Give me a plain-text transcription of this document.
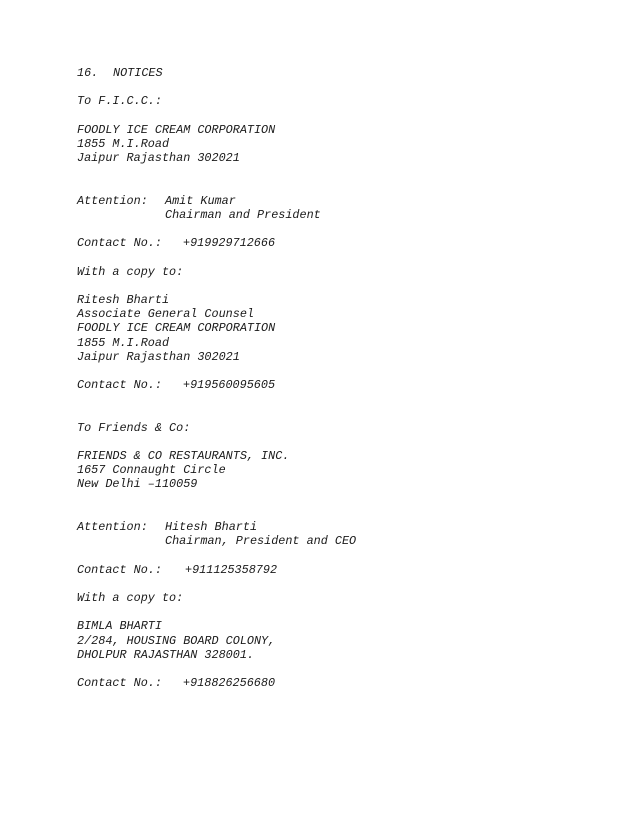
16.	NOTICES
To F.I.C.C.:
FOODLY ICE CREAM CORPORATION
1855 M.I.Road
Jaipur Rajasthan 302021
Attention:	Amit Kumar
Chairman and President
Contact No.:	+919929712666
With a copy to:
Ritesh Bharti
Associate General Counsel
FOODLY ICE CREAM CORPORATION
1855 M.I.Road
Jaipur Rajasthan 302021
Contact No.:	+919560095605
To Friends & Co:
FRIENDS & CO RESTAURANTS, INC.
1657 Connaught Circle
New Delhi –110059
Attention:	Hitesh Bharti
Chairman, President and CEO
Contact No.:	+911125358792
With a copy to:
BIMLA BHARTI
2/284, HOUSING BOARD COLONY,
DHOLPUR RAJASTHAN 328001.
Contact No.:	+918826256680
